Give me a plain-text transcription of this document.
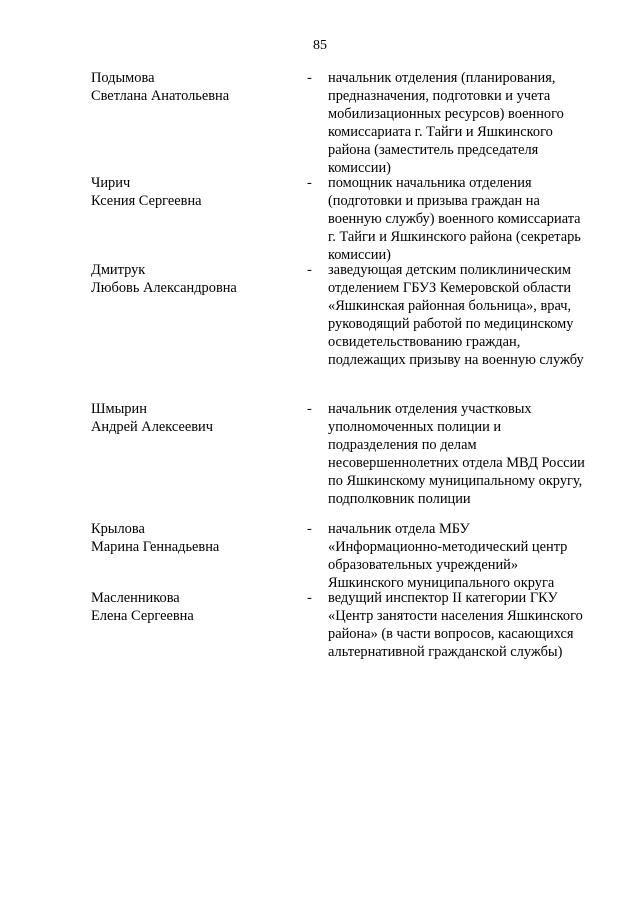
85
Подымова
Светлана Анатольевна
- начальник отделения (планирования, предназначения, подготовки и учета мобилизационных ресурсов) военного комиссариата г. Тайги и Яшкинского района (заместитель председателя комиссии)
Чирич
Ксения Сергеевна
- помощник начальника отделения (подготовки и призыва граждан на военную службу) военного комиссариата г. Тайги и Яшкинского района (секретарь комиссии)
Дмитрук
Любовь Александровна
- заведующая детским поликлиническим отделением ГБУЗ Кемеровской области «Яшкинская районная больница», врач, руководящий работой по медицинскому освидетельствованию граждан, подлежащих призыву на военную службу
Шмырин
Андрей Алексеевич
- начальник отделения участковых уполномоченных полиции и подразделения по делам несовершеннолетних отдела МВД России по Яшкинскому муниципальному округу, подполковник полиции
Крылова
Марина Геннадьевна
- начальник отдела МБУ «Информационно-методический центр образовательных учреждений» Яшкинского муниципального округа
Масленникова
Елена Сергеевна
- ведущий инспектор II категории ГКУ «Центр занятости населения Яшкинского района» (в части вопросов, касающихся альтернативной гражданской службы)
